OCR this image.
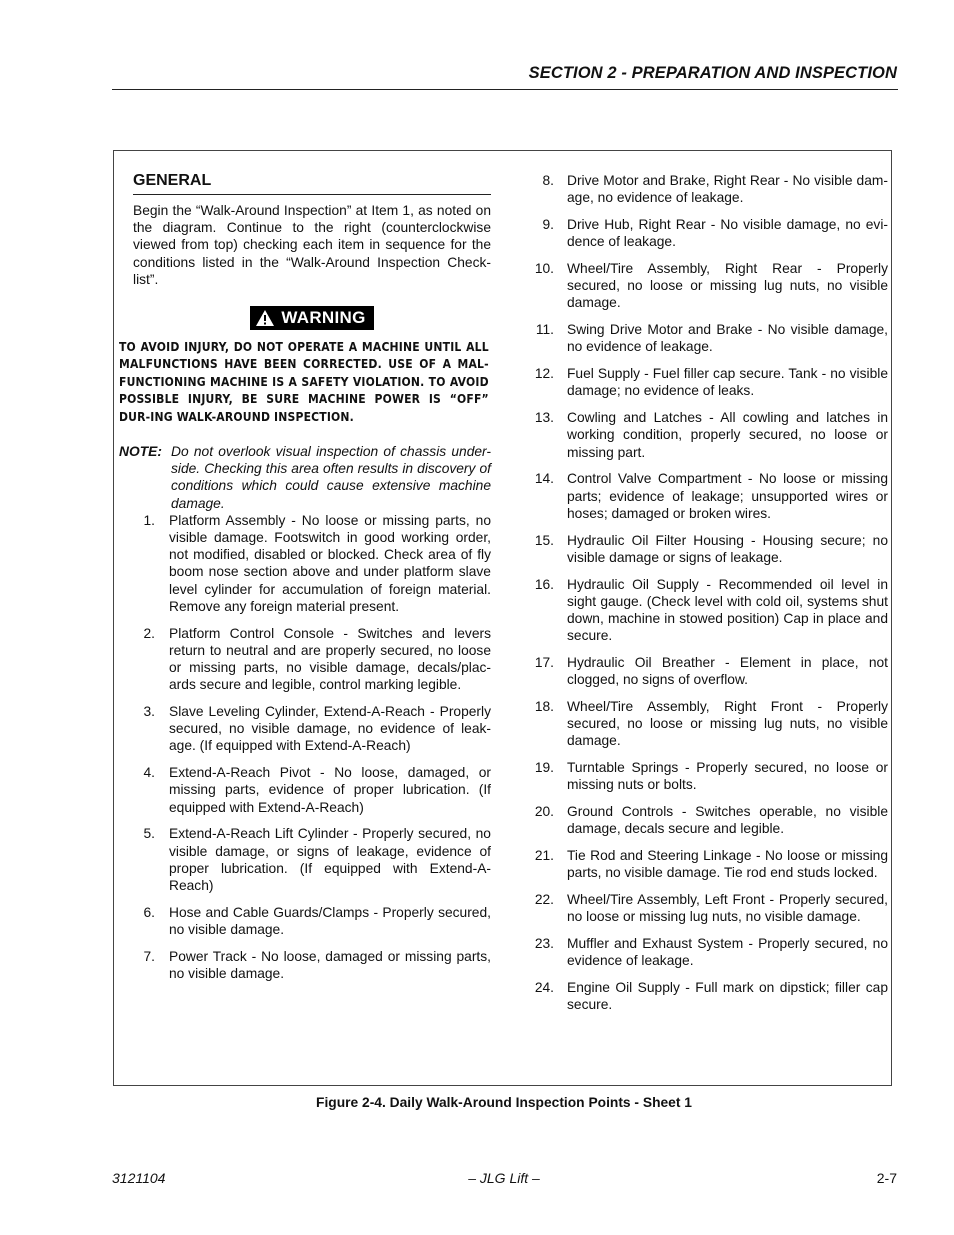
SECTION 2 - PREPARATION AND INSPECTION
GENERAL

Begin the “Walk-Around Inspection” at Item 1, as noted on the diagram. Continue to the right (counterclockwise viewed from top) checking each item in sequence for the conditions listed in the “Walk-Around Inspection Check-list”.

WARNING

TO AVOID INJURY, DO NOT OPERATE A MACHINE UNTIL ALL MALFUNCTIONS HAVE BEEN CORRECTED. USE OF A MAL-FUNCTIONING MACHINE IS A SAFETY VIOLATION. TO AVOID POSSIBLE INJURY, BE SURE MACHINE POWER IS “OFF” DUR-ING WALK-AROUND INSPECTION.

NOTE: Do not overlook visual inspection of chassis under-side. Checking this area often results in discovery of conditions which could cause extensive machine damage.
1. Platform Assembly - No loose or missing parts, no visible damage. Footswitch in good working order, not modified, disabled or blocked. Check area of fly boom nose section above and under platform slave level cylinder for accumulation of foreign material. Remove any foreign material present.
2. Platform Control Console - Switches and levers return to neutral and are properly secured, no loose or missing parts, no visible damage, decals/plac-ards secure and legible, control marking legible.
3. Slave Leveling Cylinder, Extend-A-Reach - Properly secured, no visible damage, no evidence of leak-age. (If equipped with Extend-A-Reach)
4. Extend-A-Reach Pivot - No loose, damaged, or missing parts, evidence of proper lubrication. (If equipped with Extend-A-Reach)
5. Extend-A-Reach Lift Cylinder - Properly secured, no visible damage, or signs of leakage, evidence of proper lubrication. (If equipped with Extend-A-Reach)
6. Hose and Cable Guards/Clamps - Properly secured, no visible damage.
7. Power Track - No loose, damaged or missing parts, no visible damage.
8. Drive Motor and Brake, Right Rear - No visible dam-age, no evidence of leakage.
9. Drive Hub, Right Rear - No visible damage, no evi-dence of leakage.
10. Wheel/Tire Assembly, Right Rear - Properly secured, no loose or missing lug nuts, no visible damage.
11. Swing Drive Motor and Brake - No visible damage, no evidence of leakage.
12. Fuel Supply - Fuel filler cap secure. Tank - no visible damage; no evidence of leaks.
13. Cowling and Latches - All cowling and latches in working condition, properly secured, no loose or missing part.
14. Control Valve Compartment - No loose or missing parts; evidence of leakage; unsupported wires or hoses; damaged or broken wires.
15. Hydraulic Oil Filter Housing - Housing secure; no visible damage or signs of leakage.
16. Hydraulic Oil Supply - Recommended oil level in sight gauge. (Check level with cold oil, systems shut down, machine in stowed position) Cap in place and secure.
17. Hydraulic Oil Breather - Element in place, not clogged, no signs of overflow.
18. Wheel/Tire Assembly, Right Front - Properly secured, no loose or missing lug nuts, no visible damage.
19. Turntable Springs - Properly secured, no loose or missing nuts or bolts.
20. Ground Controls - Switches operable, no visible damage, decals secure and legible.
21. Tie Rod and Steering Linkage - No loose or missing parts, no visible damage. Tie rod end studs locked.
22. Wheel/Tire Assembly, Left Front - Properly secured, no loose or missing lug nuts, no visible damage.
23. Muffler and Exhaust System - Properly secured, no evidence of leakage.
24. Engine Oil Supply - Full mark on dipstick; filler cap secure.
Figure 2-4. Daily Walk-Around Inspection Points - Sheet 1
3121104	– JLG Lift –	2-7
